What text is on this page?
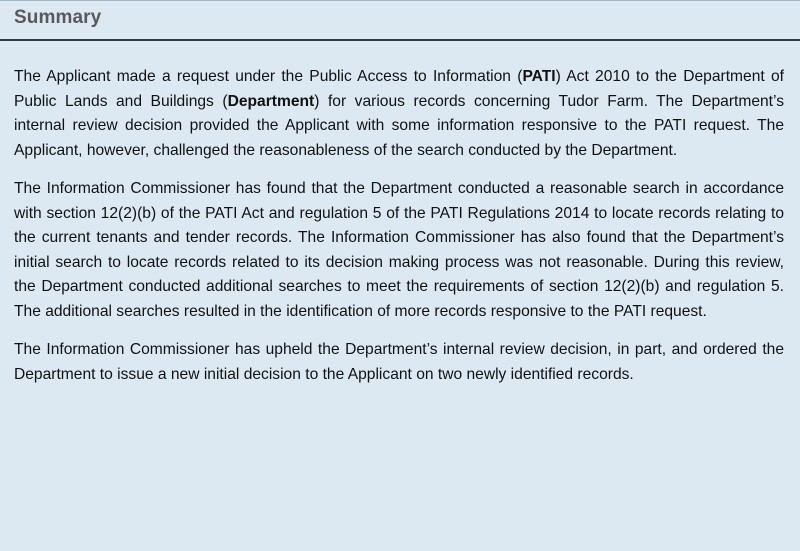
Summary

The Applicant made a request under the Public Access to Information (PATI) Act 2010 to the Department of Public Lands and Buildings (Department) for various records concerning Tudor Farm. The Department’s internal review decision provided the Applicant with some information responsive to the PATI request. The Applicant, however, challenged the reasonableness of the search conducted by the Department.

The Information Commissioner has found that the Department conducted a reasonable search in accordance with section 12(2)(b) of the PATI Act and regulation 5 of the PATI Regulations 2014 to locate records relating to the current tenants and tender records. The Information Commissioner has also found that the Department’s initial search to locate records related to its decision making process was not reasonable. During this review, the Department conducted additional searches to meet the requirements of section 12(2)(b) and regulation 5. The additional searches resulted in the identification of more records responsive to the PATI request.

The Information Commissioner has upheld the Department’s internal review decision, in part, and ordered the Department to issue a new initial decision to the Applicant on two newly identified records.
